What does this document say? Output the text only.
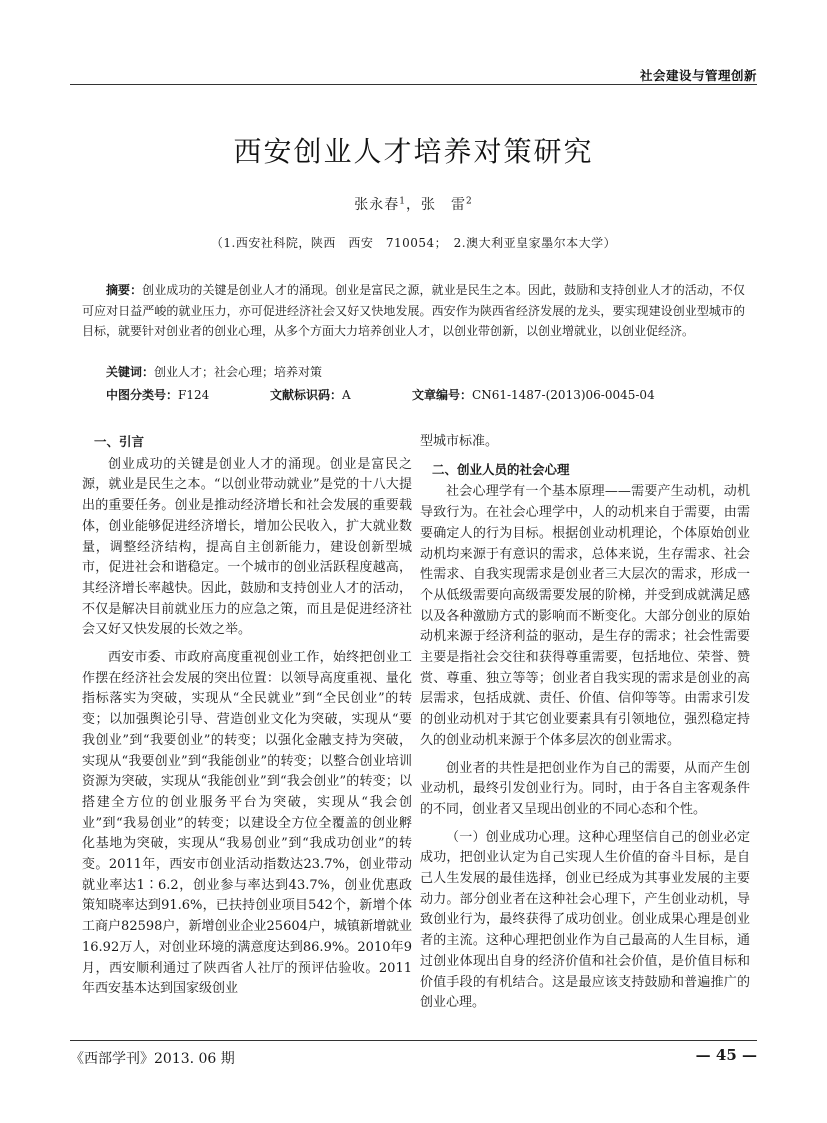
社会建设与管理创新
西安创业人才培养对策研究
张永春$^1$，张　雷$^2$
（1.西安社科院，陕西　西安　710054；　2.澳大利亚皇家墨尔本大学）
摘要：创业成功的关键是创业人才的涌现。创业是富民之源，就业是民生之本。因此，鼓励和支持创业人才的活动，不仅可应对日益严峻的就业压力，亦可促进经济社会又好又快地发展。西安作为陕西省经济发展的龙头，要实现建设创业型城市的目标，就要针对创业者的创业心理，从多个方面大力培养创业人才，以创业带创新，以创业增就业，以创业促经济。
关键词：创业人才；社会心理；培养对策
中图分类号：F124	文献标识码：A	文章编号：CN61-1487-(2013)06-0045-04
一、引言

创业成功的关键是创业人才的涌现。创业是富民之源，就业是民生之本。“以创业带动就业”是党的十八大提出的重要任务。创业是推动经济增长和社会发展的重要载体，创业能够促进经济增长，增加公民收入，扩大就业数量，调整经济结构，提高自主创新能力，建设创新型城市，促进社会和谐稳定。一个城市的创业活跃程度越高，其经济增长率越快。因此，鼓励和支持创业人才的活动，不仅是解决目前就业压力的应急之策，而且是促进经济社会又好又快发展的长效之举。

西安市委、市政府高度重视创业工作，始终把创业工作摆在经济社会发展的突出位置：以领导高度重视、量化指标落实为突破，实现从“全民就业”到“全民创业”的转变；以加强舆论引导、营造创业文化为突破，实现从“要我创业”到“我要创业”的转变；以强化金融支持为突破，实现从“我要创业”到“我能创业”的转变；以整合创业培训资源为突破，实现从“我能创业”到“我会创业”的转变；以搭建全方位的创业服务平台为突破，实现从“我会创业”到“我易创业”的转变；以建设全方位全覆盖的创业孵化基地为突破，实现从“我易创业”到“我成功创业”的转变。2011年，西安市创业活动指数达23.7%，创业带动就业率达1∶6.2，创业参与率达到43.7%，创业优惠政策知晓率达到91.6%，已扶持创业项目542个，新增个体工商户82598户，新增创业企业25604户，城镇新增就业16.92万人，对创业环境的满意度达到86.9%。2010年9月，西安顺利通过了陕西省人社厅的预评估验收。2011年西安基本达到国家级创业

型城市标准。

二、创业人员的社会心理

社会心理学有一个基本原理——需要产生动机，动机导致行为。在社会心理学中，人的动机来自于需要，由需要确定人的行为目标。根据创业动机理论，个体原始创业动机均来源于有意识的需求，总体来说，生存需求、社会性需求、自我实现需求是创业者三大层次的需求，形成一个从低级需要向高级需要发展的阶梯，并受到成就满足感以及各种激励方式的影响而不断变化。大部分创业的原始动机来源于经济利益的驱动，是生存的需求；社会性需要主要是指社会交往和获得尊重需要，包括地位、荣誉、赞赏、尊重、独立等等；创业者自我实现的需求是创业的高层需求，包括成就、责任、价值、信仰等等。由需求引发的创业动机对于其它创业要素具有引领地位，强烈稳定持久的创业动机来源于个体多层次的创业需求。

创业者的共性是把创业作为自己的需要，从而产生创业动机，最终引发创业行为。同时，由于各自主客观条件的不同，创业者又呈现出创业的不同心态和个性。

（一）创业成功心理。这种心理坚信自己的创业必定成功，把创业认定为自己实现人生价值的奋斗目标，是自己人生发展的最佳选择，创业已经成为其事业发展的主要动力。部分创业者在这种社会心理下，产生创业动机，导致创业行为，最终获得了成功创业。创业成果心理是创业者的主流。这种心理把创业作为自己最高的人生目标，通过创业体现出自身的经济价值和社会价值，是价值目标和价值手段的有机结合。这是最应该支持鼓励和普遍推广的创业心理。

《西部学刊》2013. 06 期	— 45 —
